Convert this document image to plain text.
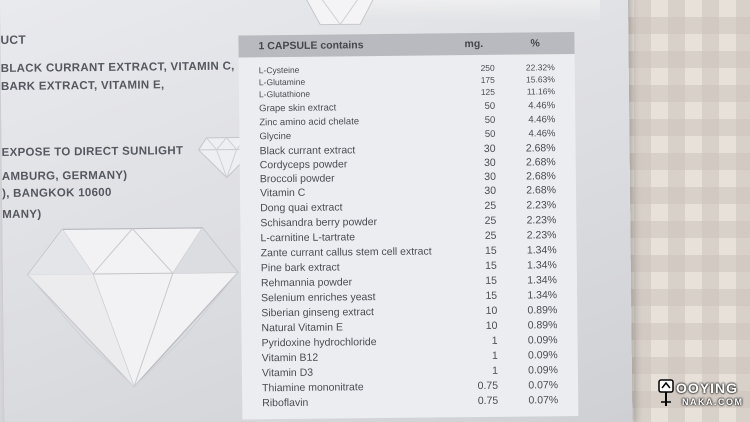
UCT
BLACK CURRANT EXTRACT, VITAMIN C,
BARK EXTRACT, VITAMIN E,
EXPOSE TO DIRECT SUNLIGHT
AMBURG, GERMANY)
), BANGKOK 10600
MANY)
1 CAPSULE contains	mg.	%
L-Cysteine	250	22.32%
L-Glutamine	175	15.63%
L-Glutathione	125	11.16%
Grape skin extract	50	4.46%
Zinc amino acid chelate	50	4.46%
Glycine	50	4.46%
Black currant extract	30	2.68%
Cordyceps powder	30	2.68%
Broccoli powder	30	2.68%
Vitamin C	30	2.68%
Dong quai extract	25	2.23%
Schisandra berry powder	25	2.23%
L-carnitine L-tartrate	25	2.23%
Zante currant callus stem cell extract	15	1.34%
Pine bark extract	15	1.34%
Rehmannia powder	15	1.34%
Selenium enriches yeast	15	1.34%
Siberian ginseng extract	10	0.89%
Natural Vitamin E	10	0.89%
Pyridoxine hydrochloride	1	0.09%
Vitamin B12	1	0.09%
Vitamin D3	1	0.09%
Thiamine mononitrate	0.75	0.07%
Riboflavin	0.75	0.07%
OOYING
NAKA.COM
